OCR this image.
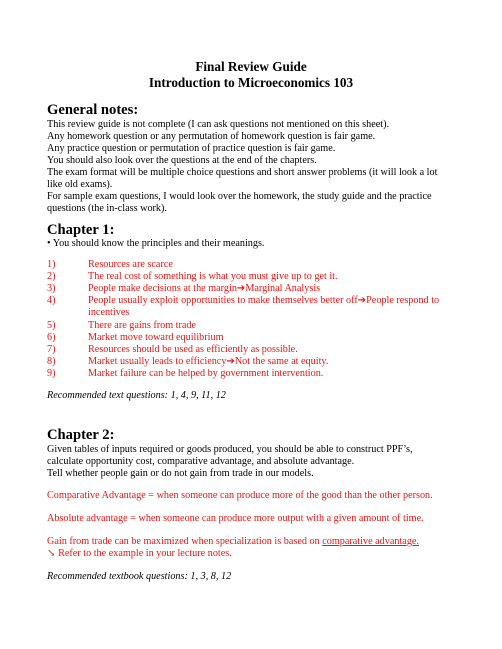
Final Review Guide
Introduction to Microeconomics 103
General notes:
This review guide is not complete (I can ask questions not mentioned on this sheet).
Any homework question or any permutation of homework question is fair game.
Any practice question or permutation of practice question is fair game.
You should also look over the questions at the end of the chapters.
The exam format will be multiple choice questions and short answer problems (it will look a lot
like old exams).
For sample exam questions, I would look over the homework, the study guide and the practice
questions (the in-class work).
Chapter 1:
• You should know the principles and their meanings.
1)	Resources are scarce
2)	The real cost of something is what you must give up to get it.
3)	People make decisions at the margin➔Marginal Analysis
4)	People usually exploit opportunities to make themselves better off➔People respond to
incentives
5)	There are gains from trade
6)	Market move toward equilibrium
7)	Resources should be used as efficiently as possible.
8)	Market usually leads to efficiency➔Not the same at equity.
9)	Market failure can be helped by government intervention.
Recommended text questions: 1, 4, 9, 11, 12
Chapter 2:
Given tables of inputs required or goods produced, you should be able to construct PPF’s,
calculate opportunity cost, comparative advantage, and absolute advantage.
Tell whether people gain or do not gain from trade in our models.
Comparative Advantage = when someone can produce more of the good than the other person.
Absolute advantage = when someone can produce more output with a given amount of time.
Gain from trade can be maximized when specialization is based on comparative advantage.
↘ Refer to the example in your lecture notes.
Recommended textbook questions: 1, 3, 8, 12
